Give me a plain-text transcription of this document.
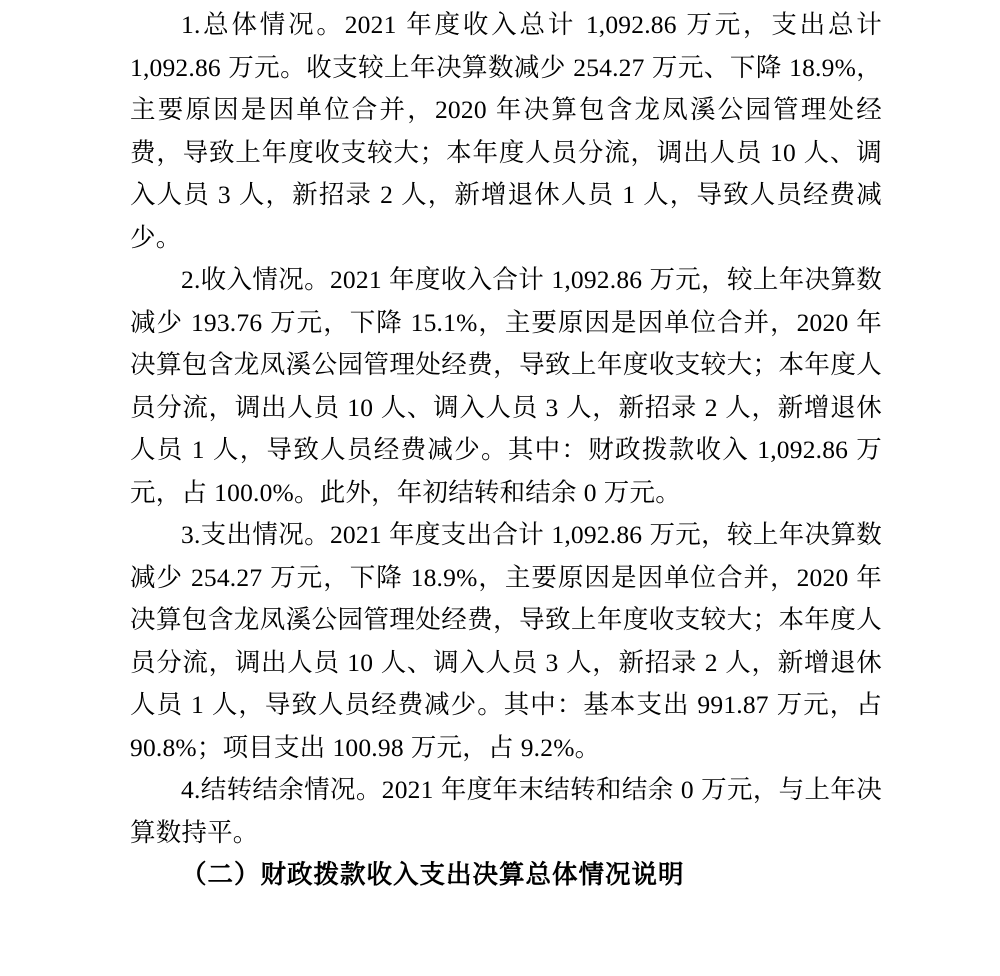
1.总体情况。2021 年度收入总计 1,092.86 万元，支出总计 1,092.86 万元。收支较上年决算数减少 254.27 万元、下降 18.9%，主要原因是因单位合并，2020 年决算包含龙凤溪公园管理处经费，导致上年度收支较大；本年度人员分流，调出人员 10 人、调入人员 3 人，新招录 2 人，新增退休人员 1 人，导致人员经费减少。

2.收入情况。2021 年度收入合计 1,092.86 万元，较上年决算数减少 193.76 万元，下降 15.1%，主要原因是因单位合并，2020 年决算包含龙凤溪公园管理处经费，导致上年度收支较大；本年度人员分流，调出人员 10 人、调入人员 3 人，新招录 2 人，新增退休人员 1 人，导致人员经费减少。其中：财政拨款收入 1,092.86 万元，占 100.0%。此外，年初结转和结余 0 万元。

3.支出情况。2021 年度支出合计 1,092.86 万元，较上年决算数减少 254.27 万元，下降 18.9%，主要原因是因单位合并，2020 年决算包含龙凤溪公园管理处经费，导致上年度收支较大；本年度人员分流，调出人员 10 人、调入人员 3 人，新招录 2 人，新增退休人员 1 人，导致人员经费减少。其中：基本支出 991.87 万元，占 90.8%；项目支出 100.98 万元，占 9.2%。

4.结转结余情况。2021 年度年末结转和结余 0 万元，与上年决算数持平。

（二）财政拨款收入支出决算总体情况说明
